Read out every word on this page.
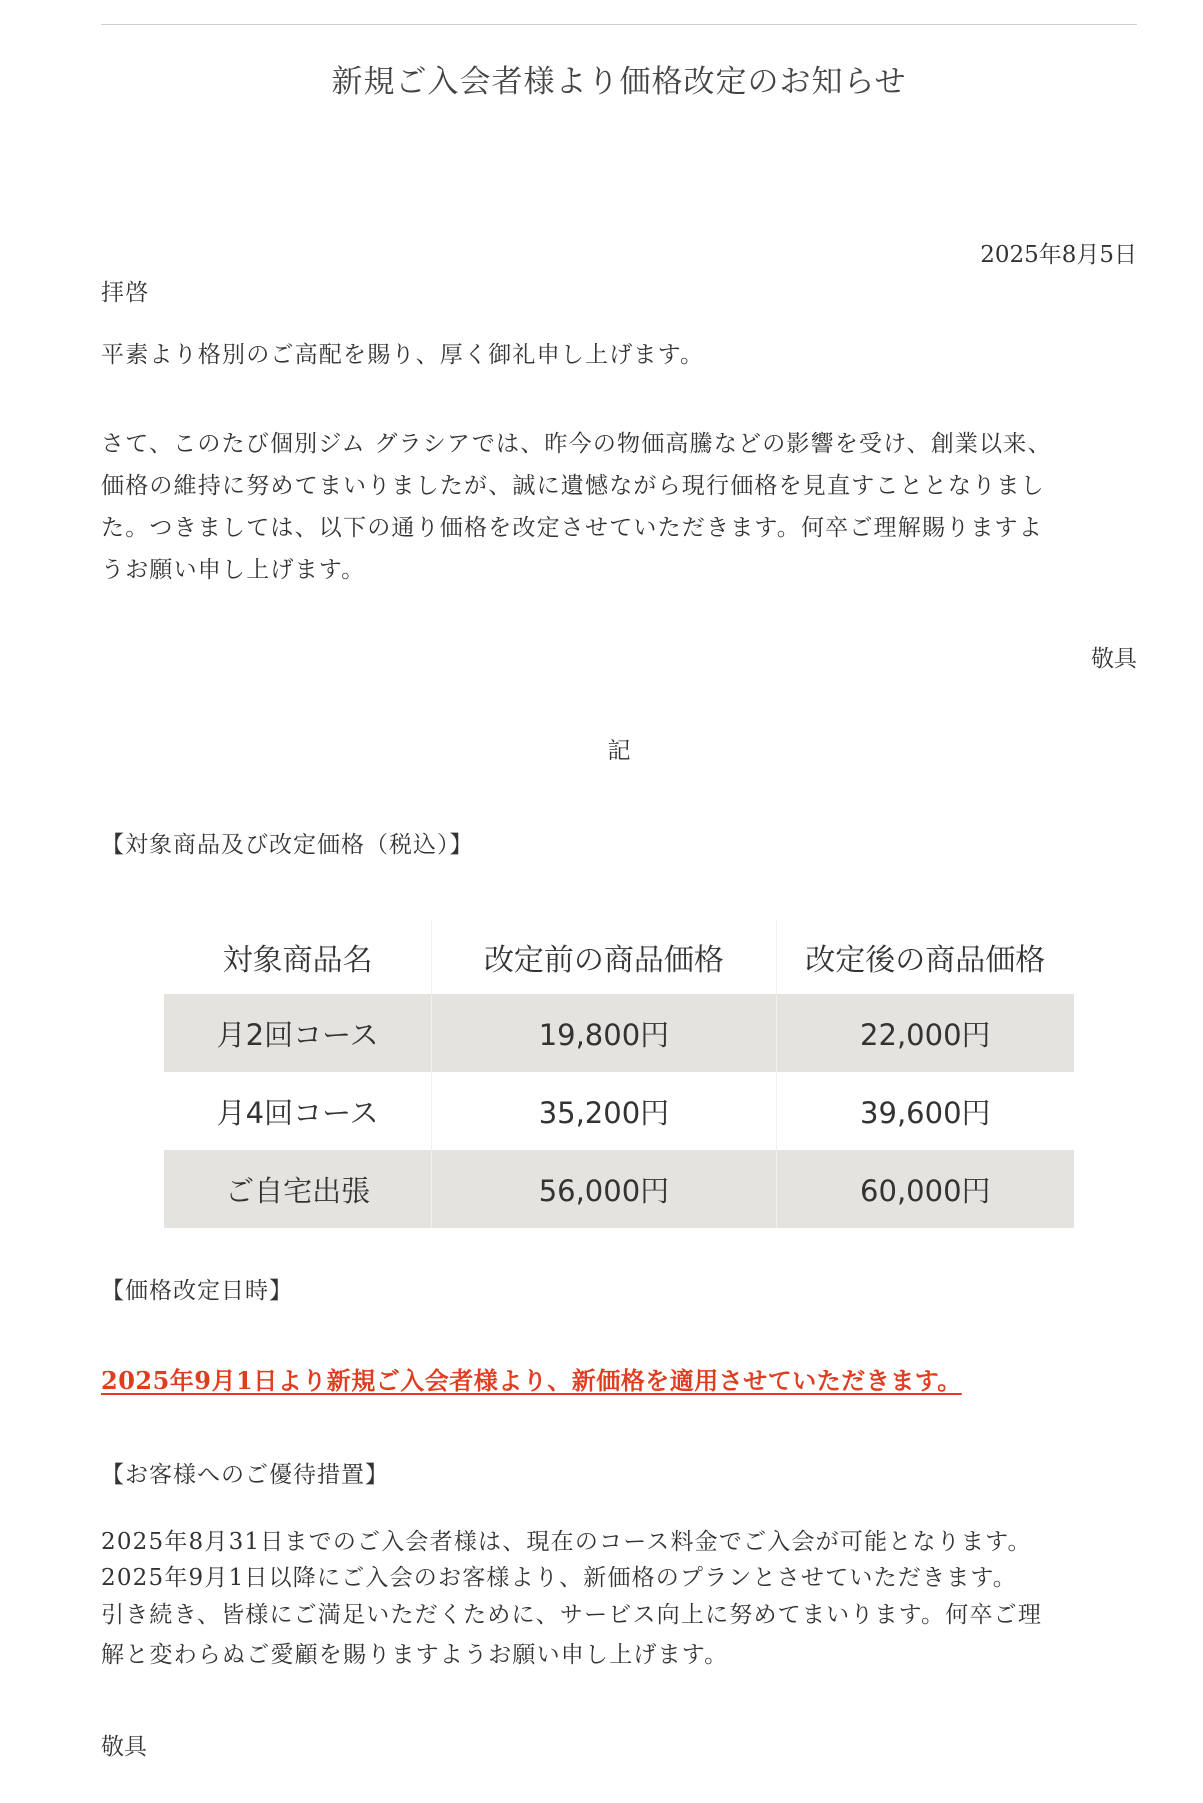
新規ご入会者様より価格改定のお知らせ
2025年8月5日
拝啓
平素より格別のご高配を賜り、厚く御礼申し上げます。
さて、このたび個別ジム グラシアでは、昨今の物価高騰などの影響を受け、創業以来、
価格の維持に努めてまいりましたが、誠に遺憾ながら現行価格を見直すこととなりまし
た。つきましては、以下の通り価格を改定させていただきます。何卒ご理解賜りますよ
うお願い申し上げます。
敬具
記
【対象商品及び改定価格（税込）】
対象商品名	改定前の商品価格	改定後の商品価格
月2回コース	19,800円	22,000円
月4回コース	35,200円	39,600円
ご自宅出張	56,000円	60,000円
【価格改定日時】
2025年9月1日より新規ご入会者様より、新価格を適用させていただきます。
【お客様へのご優待措置】
2025年8月31日までのご入会者様は、現在のコース料金でご入会が可能となります。
2025年9月1日以降にご入会のお客様より、新価格のプランとさせていただきます。
引き続き、皆様にご満足いただくために、サービス向上に努めてまいります。何卒ご理
解と変わらぬご愛顧を賜りますようお願い申し上げます。
敬具
